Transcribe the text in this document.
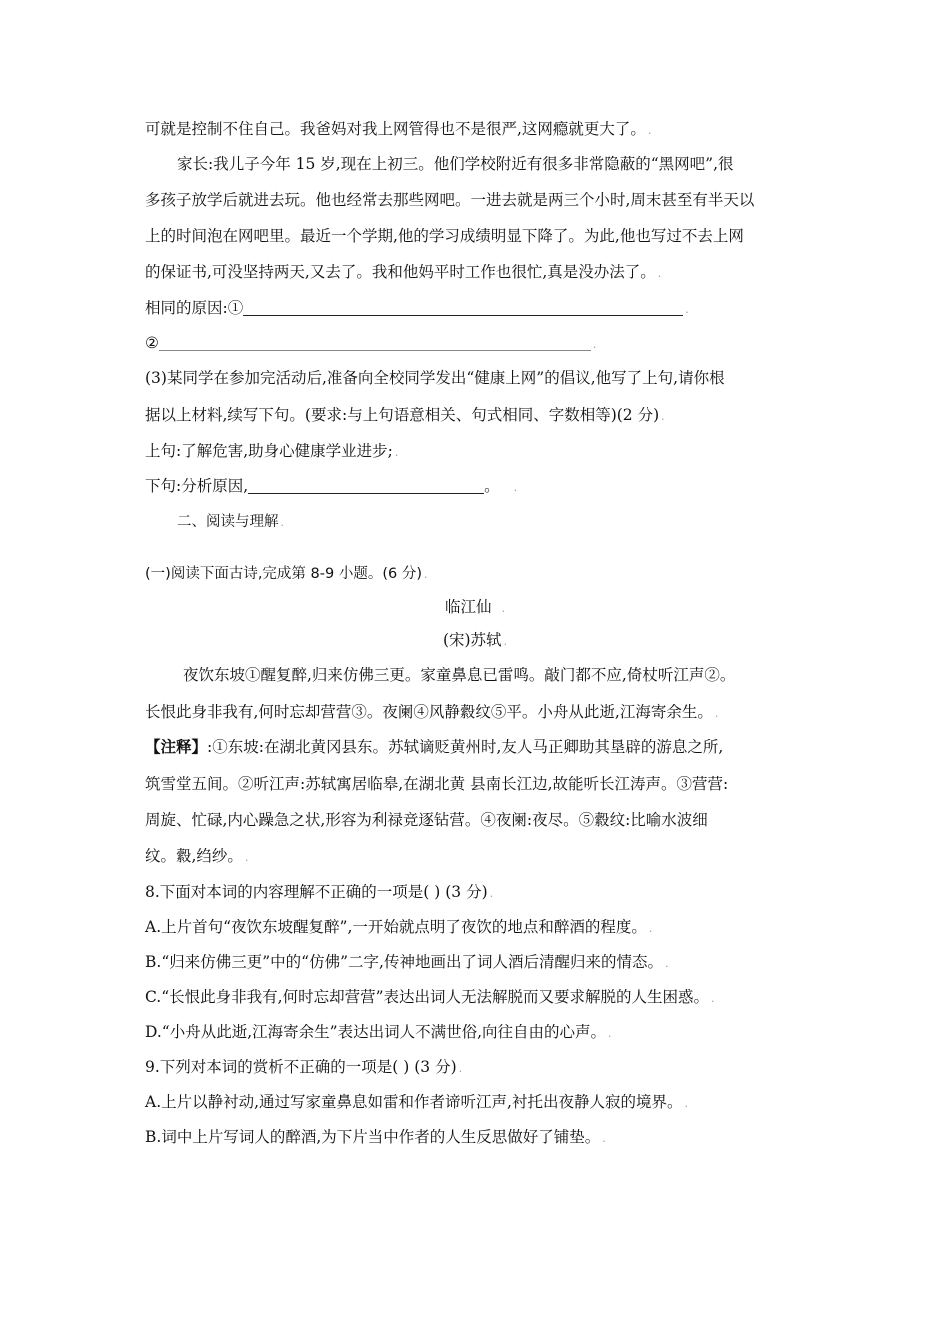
可就是控制不住自己。我爸妈对我上网管得也不是很严,这网瘾就更大了。 .
家长:我儿子今年 15 岁,现在上初三。他们学校附近有很多非常隐蔽的“黑网吧”,很
多孩子放学后就进去玩。他也经常去那些网吧。一进去就是两三个小时,周末甚至有半天以
上的时间泡在网吧里。最近一个学期,他的学习成绩明显下降了。为此,他也写过不去上网
的保证书,可没坚持两天,又去了。我和他妈平时工作也很忙,真是没办法了。 .
相同的原因:①	.
②	.
(3)某同学在参加完活动后,准备向全校同学发出“健康上网”的倡议,他写了上句,请你根
据以上材料,续写下句。(要求:与上句语意相关、句式相同、字数相等)(2 分) .
上句:了解危害,助身心健康学业进步; .
下句:分析原因,	。 .
二、阅读与理解 .
(一)阅读下面古诗,完成第 8-9 小题。(6 分) .
临江仙 .
(宋)苏轼 .
夜饮东坡①醒复醉,归来仿佛三更。家童鼻息已雷鸣。敲门都不应,倚杖听江声②。
长恨此身非我有,何时忘却营营③。夜阑④风静縠纹⑤平。小舟从此逝,江海寄余生。 .
【注释】:①东坡:在湖北黄冈县东。苏轼谪贬黄州时,友人马正卿助其垦辟的游息之所,
筑雪堂五间。②听江声:苏轼寓居临皋,在湖北黄 县南长江边,故能听长江涛声。③营营:
周旋、忙碌,内心躁急之状,形容为利禄竞逐钻营。④夜阑:夜尽。⑤縠纹:比喻水波细
纹。縠,绉纱。 .
8.下面对本词的内容理解不正确的一项是( ) (3 分) .
A.上片首句“夜饮东坡醒复醉”,一开始就点明了夜饮的地点和醉酒的程度。 .
B.“归来仿佛三更”中的“仿佛”二字,传神地画出了词人酒后清醒归来的情态。 .
C.“长恨此身非我有,何时忘却营营”表达出词人无法解脱而又要求解脱的人生困惑。 .
D.“小舟从此逝,江海寄余生”表达出词人不满世俗,向往自由的心声。 .
9.下列对本词的赏析不正确的一项是( ) (3 分) .
A.上片以静衬动,通过写家童鼻息如雷和作者谛听江声,衬托出夜静人寂的境界。 .
B.词中上片写词人的醉酒,为下片当中作者的人生反思做好了铺垫。 .
